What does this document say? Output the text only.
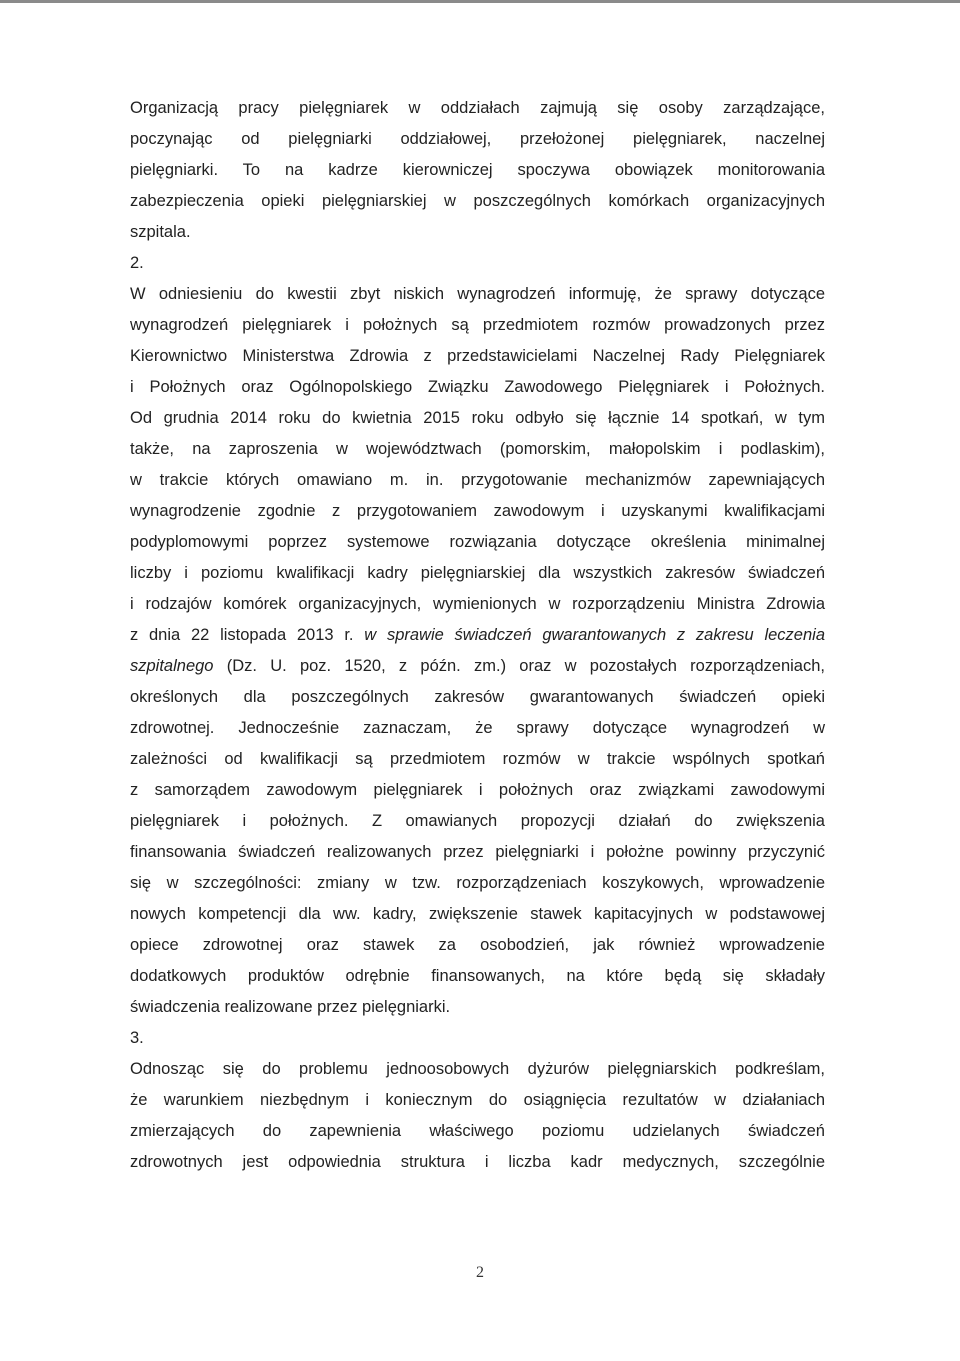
Organizacją pracy pielęgniarek w oddziałach zajmują się osoby zarządzające,
poczynając od pielęgniarki oddziałowej, przełożonej pielęgniarek, naczelnej
pielęgniarki. To na kadrze kierowniczej spoczywa obowiązek monitorowania
zabezpieczenia opieki pielęgniarskiej w poszczególnych komórkach organizacyjnych
szpitala.
2.
W odniesieniu do kwestii zbyt niskich wynagrodzeń informuję, że sprawy dotyczące
wynagrodzeń pielęgniarek i położnych są przedmiotem rozmów prowadzonych przez
Kierownictwo Ministerstwa Zdrowia z przedstawicielami Naczelnej Rady Pielęgniarek
i Położnych oraz Ogólnopolskiego Związku Zawodowego Pielęgniarek i Położnych.
Od grudnia 2014 roku do kwietnia 2015 roku odbyło się łącznie 14 spotkań, w tym
także, na zaproszenia w województwach (pomorskim, małopolskim i podlaskim),
w trakcie których omawiano m. in. przygotowanie mechanizmów zapewniających
wynagrodzenie zgodnie z przygotowaniem zawodowym i uzyskanymi kwalifikacjami
podyplomowymi poprzez systemowe rozwiązania dotyczące określenia minimalnej
liczby i poziomu kwalifikacji kadry pielęgniarskiej dla wszystkich zakresów świadczeń
i rodzajów komórek organizacyjnych, wymienionych w rozporządzeniu Ministra Zdrowia
z dnia 22 listopada 2013 r. w sprawie świadczeń gwarantowanych z zakresu leczenia
szpitalnego (Dz. U. poz. 1520, z późn. zm.) oraz w pozostałych rozporządzeniach,
określonych dla poszczególnych zakresów gwarantowanych świadczeń opieki
zdrowotnej. Jednocześnie zaznaczam, że sprawy dotyczące wynagrodzeń w
zależności od kwalifikacji są przedmiotem rozmów w trakcie wspólnych spotkań
z samorządem zawodowym pielęgniarek i położnych oraz związkami zawodowymi
pielęgniarek i położnych. Z omawianych propozycji działań do zwiększenia
finansowania świadczeń realizowanych przez pielęgniarki i położne powinny przyczynić
się w szczególności: zmiany w tzw. rozporządzeniach koszykowych, wprowadzenie
nowych kompetencji dla ww. kadry, zwiększenie stawek kapitacyjnych w podstawowej
opiece zdrowotnej oraz stawek za osobodzień, jak również wprowadzenie
dodatkowych produktów odrębnie finansowanych, na które będą się składały
świadczenia realizowane przez pielęgniarki.
3.
Odnosząc się do problemu jednoosobowych dyżurów pielęgniarskich podkreślam,
że warunkiem niezbędnym i koniecznym do osiągnięcia rezultatów w działaniach
zmierzających do zapewnienia właściwego poziomu udzielanych świadczeń
zdrowotnych jest odpowiednia struktura i liczba kadr medycznych, szczególnie
2
